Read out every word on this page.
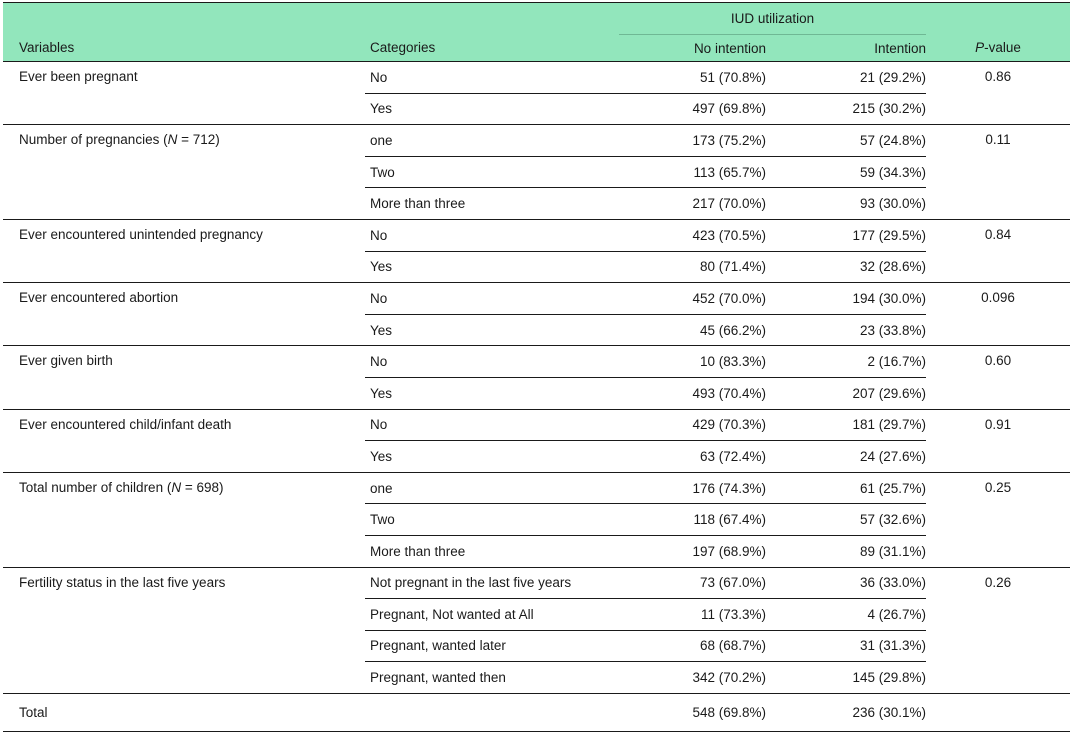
		IUD utilization		
Variables	Categories	No intention	Intention	P-value
Ever been pregnant	No	51 (70.8%)	21 (29.2%)	0.86
	Yes	497 (69.8%)	215 (30.2%)	
Number of pregnancies (N = 712)	one	173 (75.2%)	57 (24.8%)	0.11
	Two	113 (65.7%)	59 (34.3%)	
	More than three	217 (70.0%)	93 (30.0%)	
Ever encountered unintended pregnancy	No	423 (70.5%)	177 (29.5%)	0.84
	Yes	80 (71.4%)	32 (28.6%)	
Ever encountered abortion	No	452 (70.0%)	194 (30.0%)	0.096
	Yes	45 (66.2%)	23 (33.8%)	
Ever given birth	No	10 (83.3%)	2 (16.7%)	0.60
	Yes	493 (70.4%)	207 (29.6%)	
Ever encountered child/infant death	No	429 (70.3%)	181 (29.7%)	0.91
	Yes	63 (72.4%)	24 (27.6%)	
Total number of children (N = 698)	one	176 (74.3%)	61 (25.7%)	0.25
	Two	118 (67.4%)	57 (32.6%)	
	More than three	197 (68.9%)	89 (31.1%)	
Fertility status in the last five years	Not pregnant in the last five years	73 (67.0%)	36 (33.0%)	0.26
	Pregnant, Not wanted at All	11 (73.3%)	4 (26.7%)	
	Pregnant, wanted later	68 (68.7%)	31 (31.3%)	
	Pregnant, wanted then	342 (70.2%)	145 (29.8%)	
Total		548 (69.8%)	236 (30.1%)	
